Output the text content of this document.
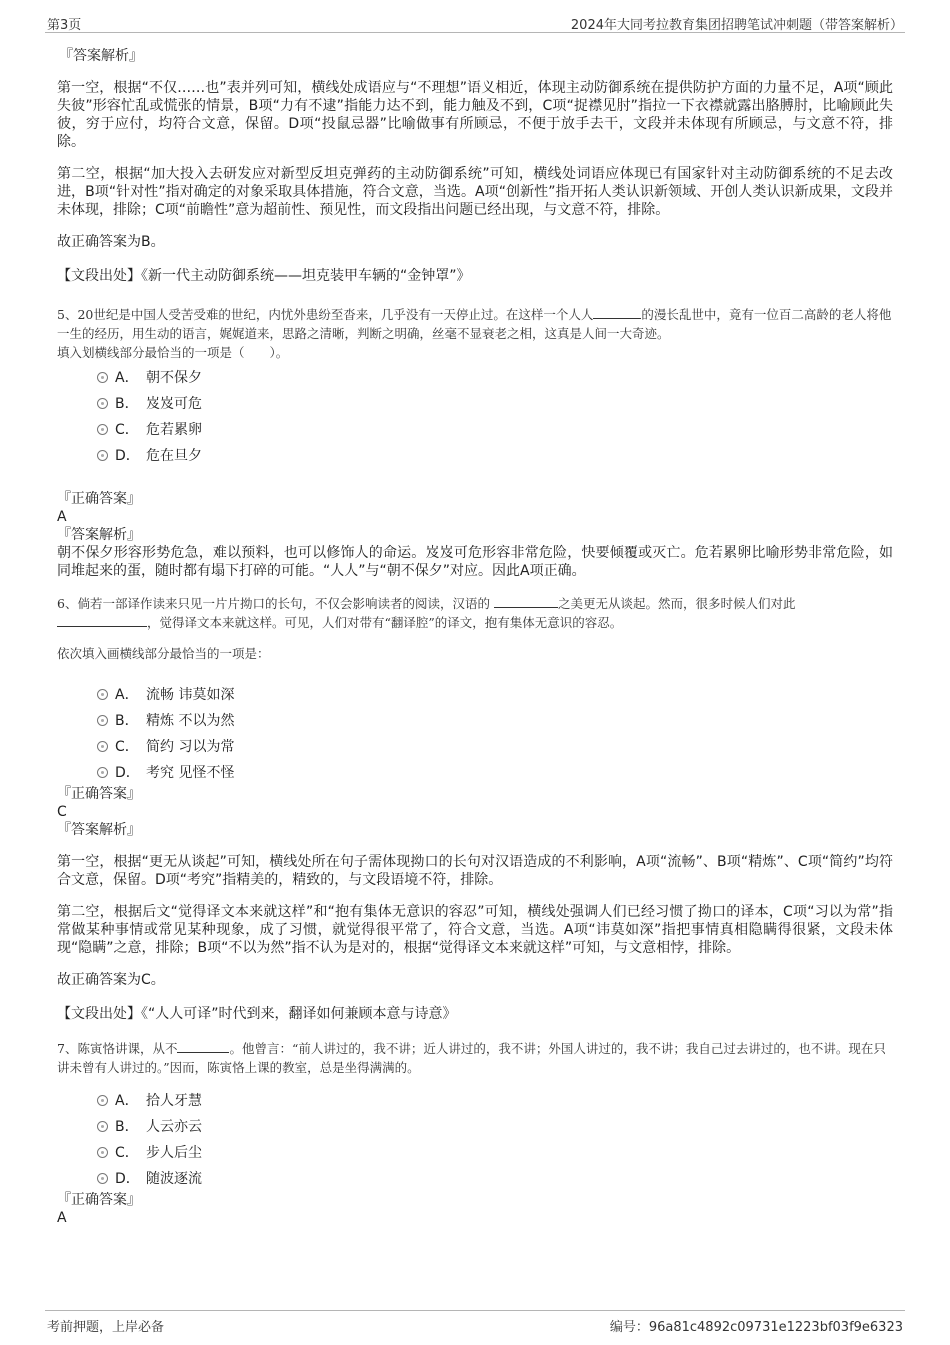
第3页	2024年大同考拉教育集团招聘笔试冲刺题（带答案解析）

『答案解析』

第一空，根据“不仅……也”表并列可知，横线处成语应与“不理想”语义相近，体现主动防御系统在提供防护方面的力量不足，A项“顾此失彼”形容忙乱或慌张的情景，B项“力有不逮”指能力达不到，能力触及不到，C项“捉襟见肘”指拉一下衣襟就露出胳膊肘，比喻顾此失彼，穷于应付，均符合文意，保留。D项“投鼠忌器”比喻做事有所顾忌，不便于放手去干，文段并未体现有所顾忌，与文意不符，排除。

第二空，根据“加大投入去研发应对新型反坦克弹药的主动防御系统”可知，横线处词语应体现已有国家针对主动防御系统的不足去改进，B项“针对性”指对确定的对象采取具体措施，符合文意，当选。A项“创新性”指开拓人类认识新领域、开创人类认识新成果，文段并未体现，排除；C项“前瞻性”意为超前性、预见性，而文段指出问题已经出现，与文意不符，排除。

故正确答案为B。

【文段出处】《新一代主动防御系统——坦克装甲车辆的“金钟罩”》

5、20世纪是中国人受苦受难的世纪，内忧外患纷至沓来，几乎没有一天停止过。在这样一个人人	的漫长乱世中，竟有一位百二高龄的老人将他一生的经历，用生动的语言，娓娓道来，思路之清晰，判断之明确，丝毫不显衰老之相，这真是人间一大奇迹。

填入划横线部分最恰当的一项是（　　）。

A． 朝不保夕
B． 岌岌可危
C． 危若累卵
D． 危在旦夕

『正确答案』

A

『答案解析』

朝不保夕形容形势危急，难以预料，也可以修饰人的命运。岌岌可危形容非常危险，快要倾覆或灭亡。危若累卵比喻形势非常危险，如同堆起来的蛋，随时都有塌下打碎的可能。“人人”与“朝不保夕”对应。因此A项正确。

6、倘若一部译作读来只见一片片拗口的长句，不仅会影响读者的阅读，汉语的	之美更无从谈起。然而，很多时候人们对此
，觉得译文本来就这样。可见，人们对带有“翻译腔”的译文，抱有集体无意识的容忍。

依次填入画横线部分最恰当的一项是：

A． 流畅 讳莫如深
B． 精炼 不以为然
C． 简约 习以为常
D． 考究 见怪不怪

『正确答案』

C

『答案解析』

第一空，根据“更无从谈起”可知，横线处所在句子需体现拗口的长句对汉语造成的不利影响，A项“流畅”、B项“精炼”、C项“简约”均符合文意，保留。D项“考究”指精美的，精致的，与文段语境不符，排除。

第二空，根据后文“觉得译文本来就这样”和“抱有集体无意识的容忍”可知，横线处强调人们已经习惯了拗口的译本，C项“习以为常”指常做某种事情或常见某种现象，成了习惯，就觉得很平常了，符合文意，当选。A项“讳莫如深”指把事情真相隐瞒得很紧，文段未体现“隐瞒”之意，排除；B项“不以为然”指不认为是对的，根据“觉得译文本来就这样”可知，与文意相悖，排除。

故正确答案为C。

【文段出处】《“人人可译”时代到来，翻译如何兼顾本意与诗意》

7、陈寅恪讲课，从不	。他曾言：“前人讲过的，我不讲；近人讲过的，我不讲；外国人讲过的，我不讲；我自己过去讲过的，也不讲。现在只讲未曾有人讲过的。”因而，陈寅恪上课的教室，总是坐得满满的。

A． 拾人牙慧
B． 人云亦云
C． 步人后尘
D． 随波逐流

『正确答案』

A

考前押题，上岸必备	编号：96a81c4892c09731e1223bf03f9e6323
